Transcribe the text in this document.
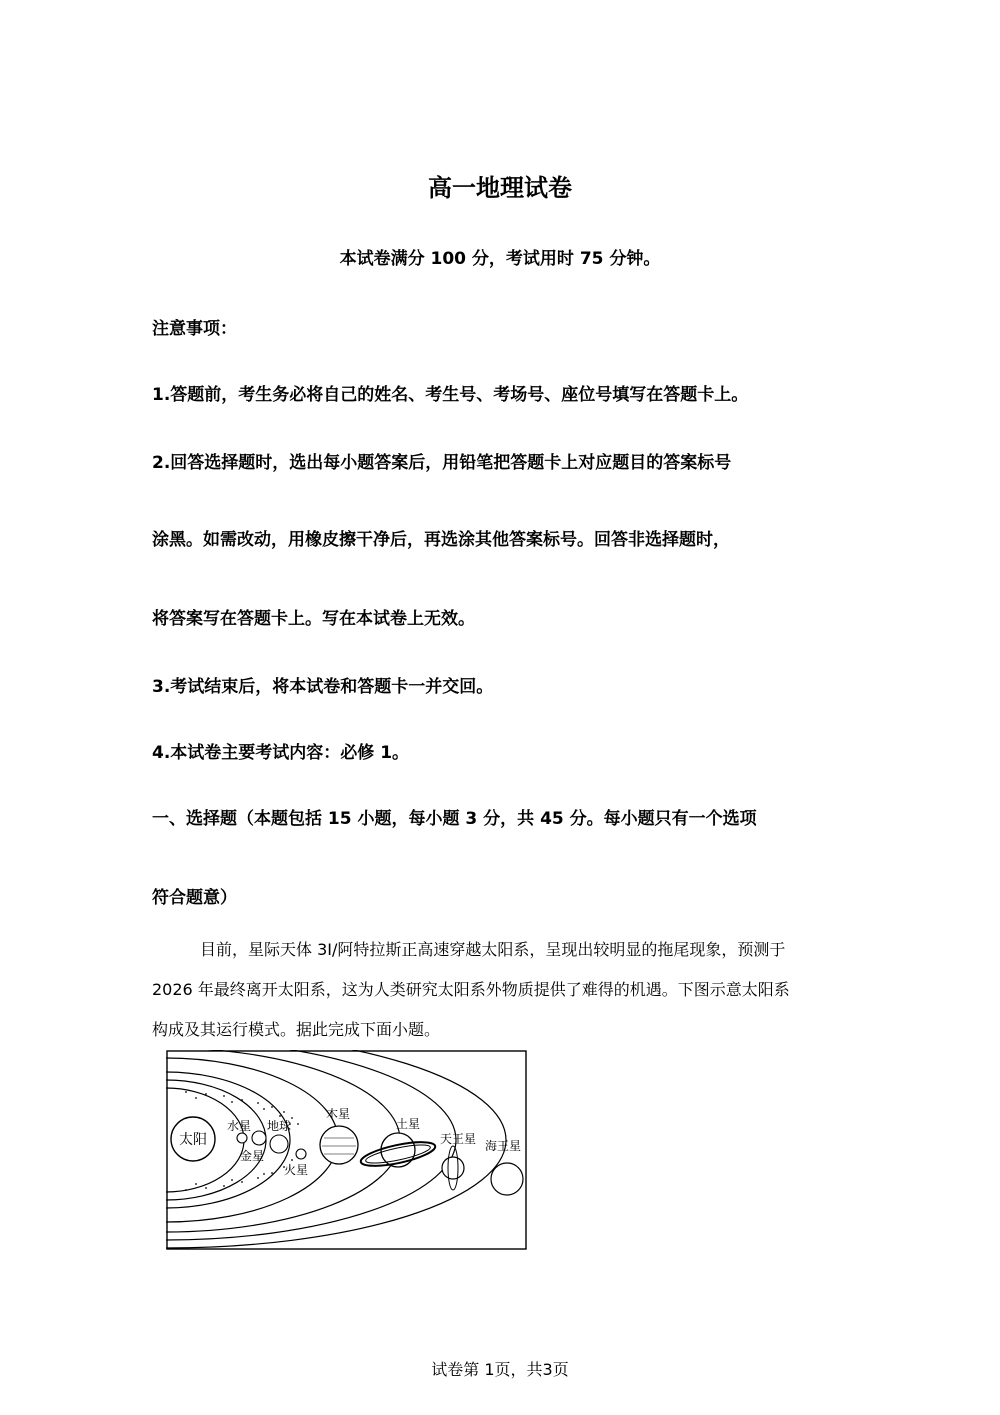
高一地理试卷
本试卷满分 100 分，考试用时 75 分钟。
注意事项：
1.答题前，考生务必将自己的姓名、考生号、考场号、座位号填写在答题卡上。
2.回答选择题时，选出每小题答案后，用铅笔把答题卡上对应题目的答案标号
涂黑。如需改动，用橡皮擦干净后，再选涂其他答案标号。回答非选择题时，
将答案写在答题卡上。写在本试卷上无效。
3.考试结束后，将本试卷和答题卡一并交回。
4.本试卷主要考试内容：必修 1。
一、选择题（本题包括 15 小题，每小题 3 分，共 45 分。每小题只有一个选项
符合题意）
目前，星际天体 3I/阿特拉斯正高速穿越太阳系，呈现出较明显的拖尾现象，预测于
2026 年最终离开太阳系，这为人类研究太阳系外物质提供了难得的机遇。下图示意太阳系
构成及其运行模式。据此完成下面小题。
太阳
水星
金星
地球
火星
木星
土星
天王星 海王星
试卷第 1页，共3页
